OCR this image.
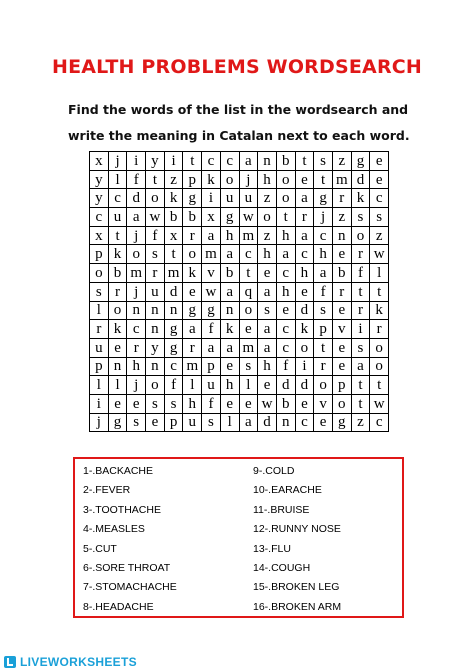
HEALTH PROBLEMS WORDSEARCH
Find the words of the list in the wordsearch and
write the meaning in Catalan next to each word.
x	j	i	y	i	t	c	c	a	n	b	t	s	z	g	e
y	l	f	t	z	p	k	o	j	h	o	e	t	m	d	e
y	c	d	o	k	g	i	u	u	z	o	a	g	r	k	c
c	u	a	w	b	b	x	g	w	o	t	r	j	z	s	s
x	t	j	f	x	r	a	h	m	z	h	a	c	n	o	z
p	k	o	s	t	o	m	a	c	h	a	c	h	e	r	w
o	b	m	r	m	k	v	b	t	e	c	h	a	b	f	l
s	r	j	u	d	e	w	a	q	a	h	e	f	r	t	t
l	o	n	n	n	g	g	n	o	s	e	d	s	e	r	k
r	k	c	n	g	a	f	k	e	a	c	k	p	v	i	r
u	e	r	y	g	r	a	a	m	a	c	o	t	e	s	o
p	n	h	n	c	m	p	e	s	h	f	i	r	e	a	o
l	l	j	o	f	l	u	h	l	e	d	d	o	p	t	t
i	e	e	s	s	h	f	e	e	w	b	e	v	o	t	w
j	g	s	e	p	u	s	l	a	d	n	c	e	g	z	c
1-.BACKACHE
2-.FEVER
3-.TOOTHACHE
4-.MEASLES
5-.CUT
6-.SORE THROAT
7-.STOMACHACHE
8-.HEADACHE
9-.COLD
10-.EARACHE
11-.BRUISE
12-.RUNNY NOSE
13-.FLU
14-.COUGH
15-.BROKEN LEG
16-.BROKEN ARM
LIVEWORKSHEETS
